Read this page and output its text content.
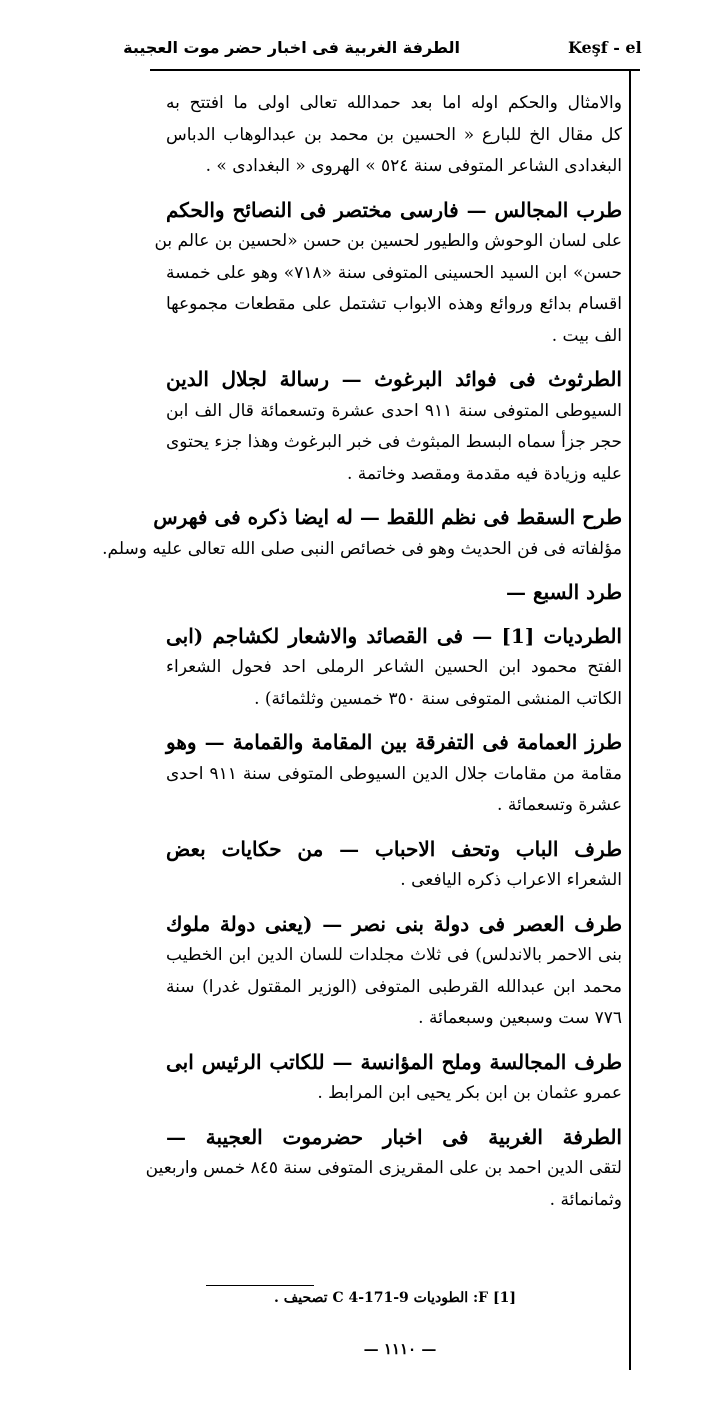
الطرفة الغربية فى اخبار حضر موت العجيبة	Keşf - el
والامثال والحكم اوله اما بعد حمدالله تعالى اولى ما افتتح به
كل مقال الخ للبارع « الحسين بن محمد بن عبدالوهاب الدباس
البغدادى الشاعر المتوفى سنة ٥٢٤ » الهروى « البغدادى » .
طرب المجالس — فارسى مختصر فى النصائح والحكم
على لسان الوحوش والطيور لحسين بن حسن «لحسين بن عالم بن
حسن» ابن السيد الحسينى المتوفى سنة «٧١٨» وهو على خمسة
اقسام بدائع وروائع وهذه الابواب تشتمل على مقطعات مجموعها
الف بيت .
الطرثوث فى فوائد البرغوث — رسالة لجلال الدين
السيوطى المتوفى سنة ٩١١ احدى عشرة وتسعمائة قال الف ابن
حجر جزأ سماه البسط المبثوث فى خبر البرغوث وهذا جزء يحتوى
عليه وزيادة فيه مقدمة ومقصد وخاتمة .
طرح السقط فى نظم اللقط — له ايضا ذكره فى فهرس
مؤلفاته فى فن الحديث وهو فى خصائص النبى صلى الله تعالى عليه وسلم.
طرد السبع —
الطرديات [1] — فى القصائد والاشعار لكشاجم (ابى
الفتح محمود ابن الحسين الشاعر الرملى احد فحول الشعراء
الكاتب المنشى المتوفى سنة ٣٥٠ خمسين وثلثمائة) .
طرز العمامة فى التفرقة بين المقامة والقمامة — وهو
مقامة من مقامات جلال الدين السيوطى المتوفى سنة ٩١١ احدى
عشرة وتسعمائة .
طرف الباب وتحف الاحباب — من حكايات بعض
الشعراء الاعراب ذكره اليافعى .
طرف العصر فى دولة بنى نصر — (يعنى دولة ملوك
بنى الاحمر بالاندلس) فى ثلاث مجلدات للسان الدين ابن الخطيب
محمد ابن عبدالله القرطبى المتوفى (الوزير المقتول غدرا) سنة
٧٧٦ ست وسبعين وسبعمائة .
طرف المجالسة وملح المؤانسة — للكاتب الرئيس ابى
عمرو عثمان بن ابن بكر يحيى ابن المرابط .
الطرفة الغربية فى اخبار حضرموت العجيبة —
لتقى الدين احمد بن على المقريزى المتوفى سنة ٨٤٥ خمس واربعين
وثمانمائة .
[1] F: الطوديات C 4-171-9 تصحيف .
— ١١١٠ —
